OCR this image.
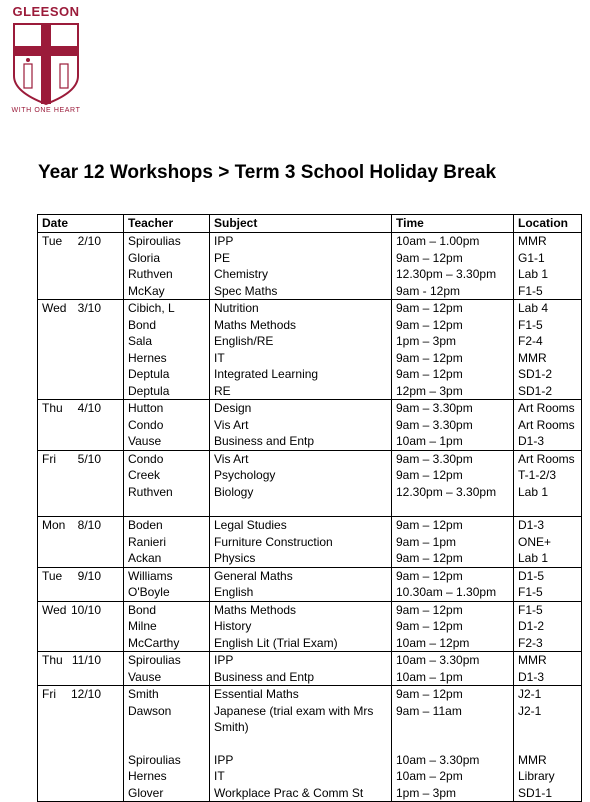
GLEESON
WITH ONE HEART
Year 12 Workshops > Term 3 School Holiday Break
Date	Teacher	Subject	Time	Location

Tue 2/10	Spiroulias	IPP	10am – 1.00pm	MMR
	Gloria	PE	9am – 12pm	G1-1
	Ruthven	Chemistry	12.30pm – 3.30pm	Lab 1
	McKay	Spec Maths	9am - 12pm	F1-5

Wed 3/10	Cibich, L	Nutrition	9am – 12pm	Lab 4
	Bond	Maths Methods	9am – 12pm	F1-5
	Sala	English/RE	1pm – 3pm	F2-4
	Hernes	IT	9am – 12pm	MMR
	Deptula	Integrated Learning	9am – 12pm	SD1-2
	Deptula	RE	12pm – 3pm	SD1-2

Thu 4/10	Hutton	Design	9am – 3.30pm	Art Rooms
	Condo	Vis Art	9am – 3.30pm	Art Rooms
	Vause	Business and Entp	10am – 1pm	D1-3

Fri 5/10	Condo	Vis Art	9am – 3.30pm	Art Rooms
	Creek	Psychology	9am – 12pm	T-1-2/3
	Ruthven	Biology	12.30pm – 3.30pm	Lab 1

Mon 8/10	Boden	Legal Studies	9am – 12pm	D1-3
	Ranieri	Furniture Construction	9am – 1pm	ONE+
	Ackan	Physics	9am – 12pm	Lab 1

Tue 9/10	Williams	General Maths	9am – 12pm	D1-5
	O'Boyle	English	10.30am – 1.30pm	F1-5

Wed 10/10	Bond	Maths Methods	9am – 12pm	F1-5
	Milne	History	9am – 12pm	D1-2
	McCarthy	English Lit (Trial Exam)	10am – 12pm	F2-3

Thu 11/10	Spiroulias	IPP	10am – 3.30pm	MMR
	Vause	Business and Entp	10am – 1pm	D1-3

Fri 12/10	Smith	Essential Maths	9am – 12pm	J2-1
	Dawson	Japanese (trial exam with Mrs Smith)	9am – 11am	J2-1

	Spiroulias	IPP	10am – 3.30pm	MMR
	Hernes	IT	10am – 2pm	Library
	Glover	Workplace Prac & Comm St	1pm – 3pm	SD1-1
